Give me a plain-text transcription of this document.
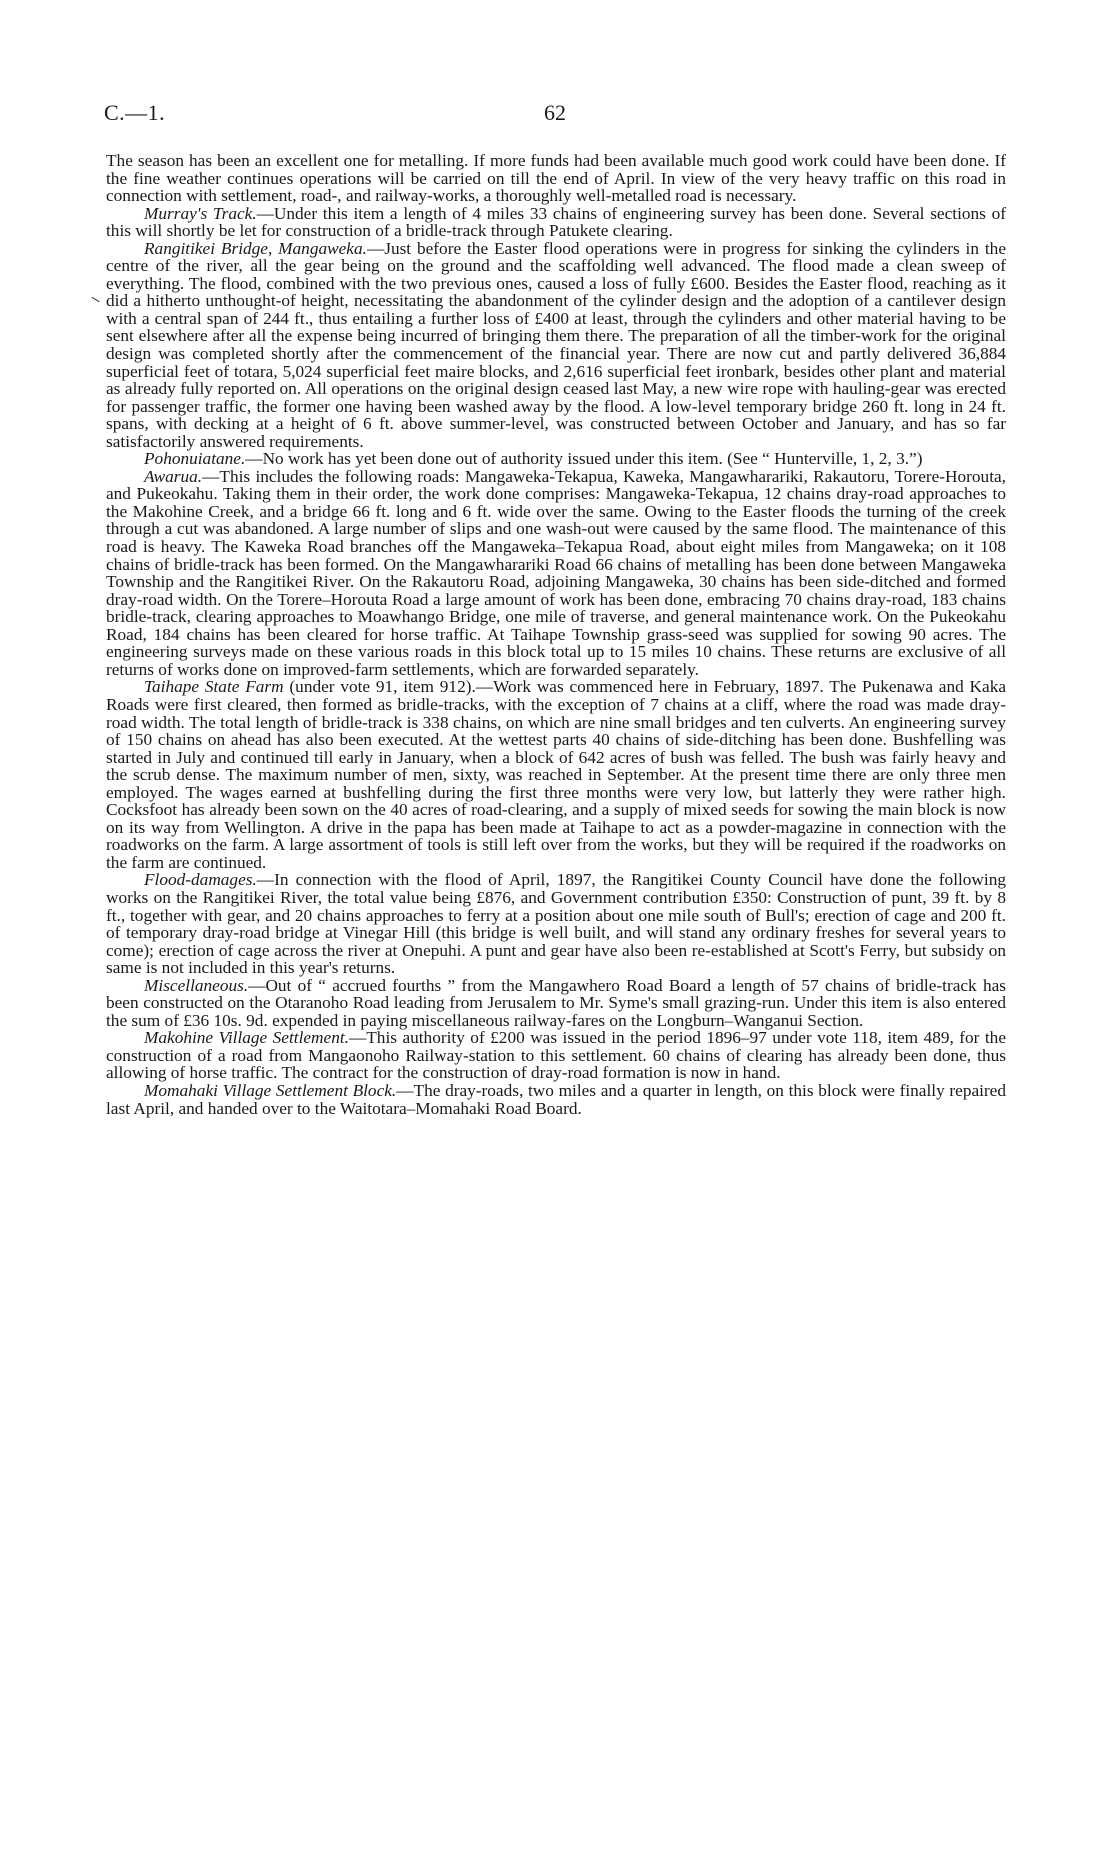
C.—1.	62

The season has been an excellent one for metalling. If more funds had been available much good work could have been done. If the fine weather continues operations will be carried on till the end of April. In view of the very heavy traffic on this road in connection with settlement, road-, and railway-works, a thoroughly well-metalled road is necessary.

Murray's Track.—Under this item a length of 4 miles 33 chains of engineering survey has been done. Several sections of this will shortly be let for construction of a bridle-track through Patukete clearing.

Rangitikei Bridge, Mangaweka.—Just before the Easter flood operations were in progress for sinking the cylinders in the centre of the river, all the gear being on the ground and the scaffolding well advanced. The flood made a clean sweep of everything. The flood, combined with the two previous ones, caused a loss of fully £600. Besides the Easter flood, reaching as it did a hitherto unthought-of height, necessitating the abandonment of the cylinder design and the adoption of a cantilever design with a central span of 244 ft., thus entailing a further loss of £400 at least, through the cylinders and other material having to be sent elsewhere after all the expense being incurred of bringing them there. The preparation of all the timber-work for the original design was completed shortly after the commencement of the financial year. There are now cut and partly delivered 36,884 superficial feet of totara, 5,024 superficial feet maire blocks, and 2,616 superficial feet ironbark, besides other plant and material as already fully reported on. All operations on the original design ceased last May, a new wire rope with hauling-gear was erected for passenger traffic, the former one having been washed away by the flood. A low-level temporary bridge 260 ft. long in 24 ft. spans, with decking at a height of 6 ft. above summer-level, was constructed between October and January, and has so far satisfactorily answered requirements.

Pohonuiatane.—No work has yet been done out of authority issued under this item. (See “ Hunterville, 1, 2, 3.”)

Awarua.—This includes the following roads: Mangaweka-Tekapua, Kaweka, Mangawharariki, Rakautoru, Torere-Horouta, and Pukeokahu. Taking them in their order, the work done comprises: Mangaweka-Tekapua, 12 chains dray-road approaches to the Makohine Creek, and a bridge 66 ft. long and 6 ft. wide over the same. Owing to the Easter floods the turning of the creek through a cut was abandoned. A large number of slips and one wash-out were caused by the same flood. The maintenance of this road is heavy. The Kaweka Road branches off the Mangaweka–Tekapua Road, about eight miles from Mangaweka; on it 108 chains of bridle-track has been formed. On the Mangawharariki Road 66 chains of metalling has been done between Mangaweka Township and the Rangitikei River. On the Rakautoru Road, adjoining Mangaweka, 30 chains has been side-ditched and formed dray-road width. On the Torere–Horouta Road a large amount of work has been done, embracing 70 chains dray-road, 183 chains bridle-track, clearing approaches to Moawhango Bridge, one mile of traverse, and general maintenance work. On the Pukeokahu Road, 184 chains has been cleared for horse traffic. At Taihape Township grass-seed was supplied for sowing 90 acres. The engineering surveys made on these various roads in this block total up to 15 miles 10 chains. These returns are exclusive of all returns of works done on improved-farm settlements, which are forwarded separately.

Taihape State Farm (under vote 91, item 912).—Work was commenced here in February, 1897. The Pukenawa and Kaka Roads were first cleared, then formed as bridle-tracks, with the exception of 7 chains at a cliff, where the road was made dray-road width. The total length of bridle-track is 338 chains, on which are nine small bridges and ten culverts. An engineering survey of 150 chains on ahead has also been executed. At the wettest parts 40 chains of side-ditching has been done. Bushfelling was started in July and continued till early in January, when a block of 642 acres of bush was felled. The bush was fairly heavy and the scrub dense. The maximum number of men, sixty, was reached in September. At the present time there are only three men employed. The wages earned at bushfelling during the first three months were very low, but latterly they were rather high. Cocksfoot has already been sown on the 40 acres of road-clearing, and a supply of mixed seeds for sowing the main block is now on its way from Wellington. A drive in the papa has been made at Taihape to act as a powder-magazine in connection with the roadworks on the farm. A large assortment of tools is still left over from the works, but they will be required if the roadworks on the farm are continued.

Flood-damages.—In connection with the flood of April, 1897, the Rangitikei County Council have done the following works on the Rangitikei River, the total value being £876, and Government contribution £350: Construction of punt, 39 ft. by 8 ft., together with gear, and 20 chains approaches to ferry at a position about one mile south of Bull's; erection of cage and 200 ft. of temporary dray-road bridge at Vinegar Hill (this bridge is well built, and will stand any ordinary freshes for several years to come); erection of cage across the river at Onepuhi. A punt and gear have also been re-established at Scott's Ferry, but subsidy on same is not included in this year's returns.

Miscellaneous.—Out of “ accrued fourths ” from the Mangawhero Road Board a length of 57 chains of bridle-track has been constructed on the Otaranoho Road leading from Jerusalem to Mr. Syme's small grazing-run. Under this item is also entered the sum of £36 10s. 9d. expended in paying miscellaneous railway-fares on the Longburn–Wanganui Section.

Makohine Village Settlement.—This authority of £200 was issued in the period 1896–97 under vote 118, item 489, for the construction of a road from Mangaonoho Railway-station to this settlement. 60 chains of clearing has already been done, thus allowing of horse traffic. The contract for the construction of dray-road formation is now in hand.

Momahaki Village Settlement Block.—The dray-roads, two miles and a quarter in length, on this block were finally repaired last April, and handed over to the Waitotara–Momahaki Road Board.
